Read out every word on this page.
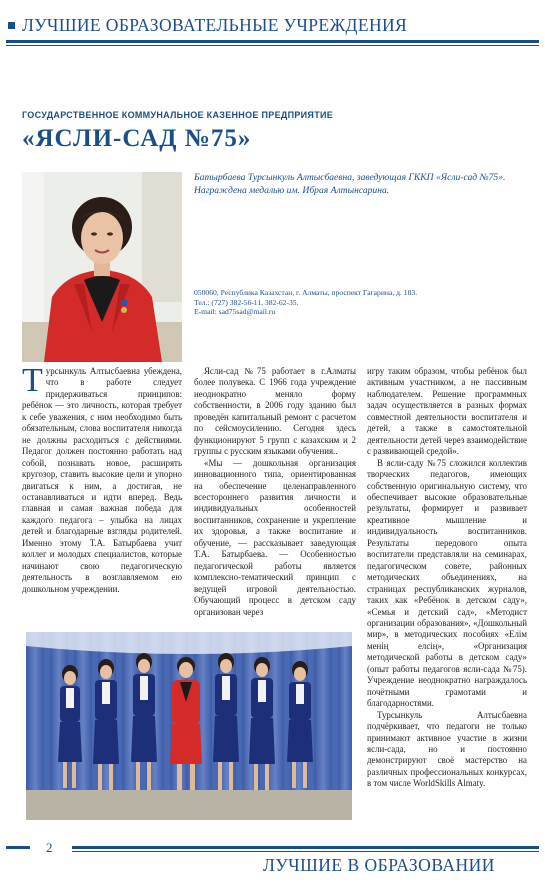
ЛУЧШИЕ ОБРАЗОВАТЕЛЬНЫЕ УЧРЕЖДЕНИЯ
ГОСУДАРСТВЕННОЕ КОММУНАЛЬНОЕ КАЗЕННОЕ ПРЕДПРИЯТИЕ
«ЯСЛИ-САД №75»
Батырбаева Турсынкуль Алтысбаевна, заведующая ГККП «Ясли-сад №75». Награждена медалью им. Ибрая Алтынсарина.
050060, Республика Казахстан, г. Алматы, проспект Гагарина, д. 183.
Тел.: (727) 382-56-11, 382-62-35.
E-mail: sad75sad@mail.ru

Турсынкуль Алтысбаевна убеждена, что в работе следует придерживаться принципов: ребёнок — это личность, которая требует к себе уважения, с ним необходимо быть обязательным, слова воспитателя никогда не должны расходиться с действиями. Педагог должен постоянно работать над собой, познавать новое, расширять кругозор, ставить высокие цели и упорно двигаться к ним, а достигая, не останавливаться и идти вперед. Ведь главная и самая важная победа для каждого педагога – улыбка на лицах детей и благодарные взгляды родителей. Именно этому Т.А. Батырбаева учит коллег и молодых специалистов, которые начинают свою педагогическую деятельность в возглавляемом ею дошкольном учреждении.

Ясли-сад №75 работает в г.Алматы более полувека. С 1966 года учреждение неоднократно меняло форму собственности, в 2006 году зданию был проведён капитальный ремонт с расчетом по сейсмоусилению. Сегодня здесь функционируют 5 групп с казахским и 2 группы с русским языками обучения..

«Мы — дошкольная организация инновационного типа, ориентированная на обеспечение целенаправленного всестороннего развития личности и индивидуальных особенностей воспитанников, сохранение и укрепление их здоровья, а также воспитание и обучение, — рассказывает заведующая Т.А. Батырбаева. — Особенностью педагогической работы является комплексно-тематический принцип с ведущей игровой деятельностью. Обучающий процесс в детском саду организован через

игру таким образом, чтобы ребёнок был активным участником, а не пассивным наблюдателем. Решение программных задач осуществляется в разных формах совместной деятельности воспитателя и детей, а также в самостоятельной деятельности детей через взаимодействие с развивающей средой».

В ясли-саду №75 сложился коллектив творческих педагогов, имеющих собственную оригинальную систему, что обеспечивает высокие образовательные результаты, формирует и развивает креативное мышление и индивидуальность воспитанников. Результаты передового опыта воспитатели представляли на семинарах, педагогическом совете, районных методических объединениях, на страницах республиканских журналов, таких как «Ребёнок в детском саду», «Семья и детский сад», «Методист организации образования», «Дошкольный мир», в методических пособиях «Елім менің елсің», «Организация методической работы в детском саду» (опыт работы педагогов ясли-сада №75). Учреждение неоднократно награждалось почётными грамотами и благодарностями.

Турсынкуль Алтысбаевна подчёркивает, что педагоги не только принимают активное участие в жизни ясли-сада, но и постоянно демонстрируют своё мастерство на различных профессиональных конкурсах, в том числе WorldSkills Almaty.

2
ЛУЧШИЕ В ОБРАЗОВАНИИ
